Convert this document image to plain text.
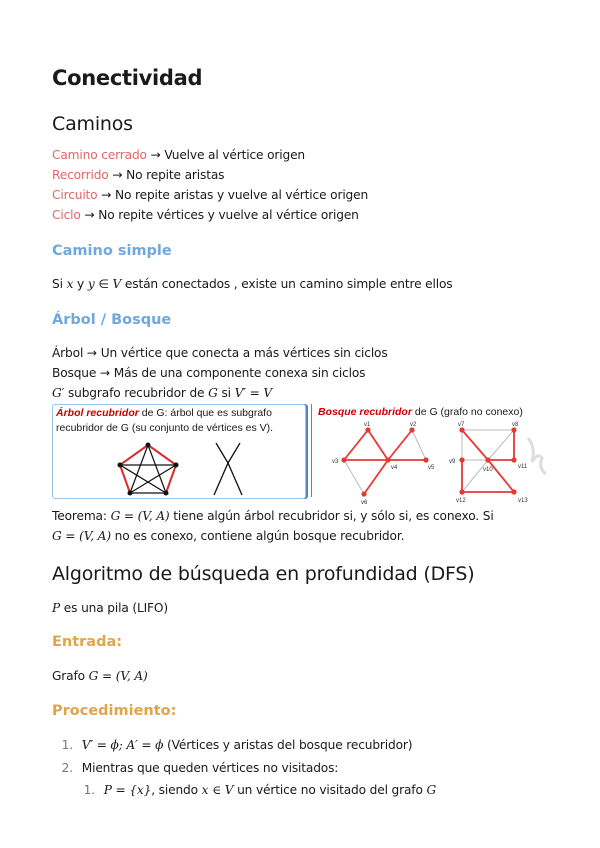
Conectividad
Caminos
Camino cerrado → Vuelve al vértice origen
Recorrido → No repite aristas
Circuito → No repite aristas y vuelve al vértice origen
Ciclo → No repite vértices y vuelve al vértice origen
Camino simple
Si x y y ∈ V están conectados , existe un camino simple entre ellos
Árbol / Bosque
Árbol → Un vértice que conecta a más vértices sin ciclos
Bosque → Más de una componente conexa sin ciclos
G′ subgrafo recubridor de G si V′ = V
Árbol recubridor de G: árbol que es subgrafo
recubridor de G (su conjunto de vértices es V).
Bosque recubridor de G (grafo no conexo)
v1	v2
v3
v4	v5
v6
v7	v8
v9
v10	v11
v12	v13
Teorema: G = (V, A) tiene algún árbol recubridor si, y sólo si, es conexo. Si
G = (V, A) no es conexo, contiene algún bosque recubridor.
Algoritmo de búsqueda en profundidad (DFS)
P es una pila (LIFO)
Entrada:
Grafo G = (V, A)
Procedimiento:
1. V′ = ϕ; A′ = ϕ (Vértices y aristas del bosque recubridor)
2. Mientras que queden vértices no visitados:
1. P = {x}, siendo x ∈ V un vértice no visitado del grafo G
